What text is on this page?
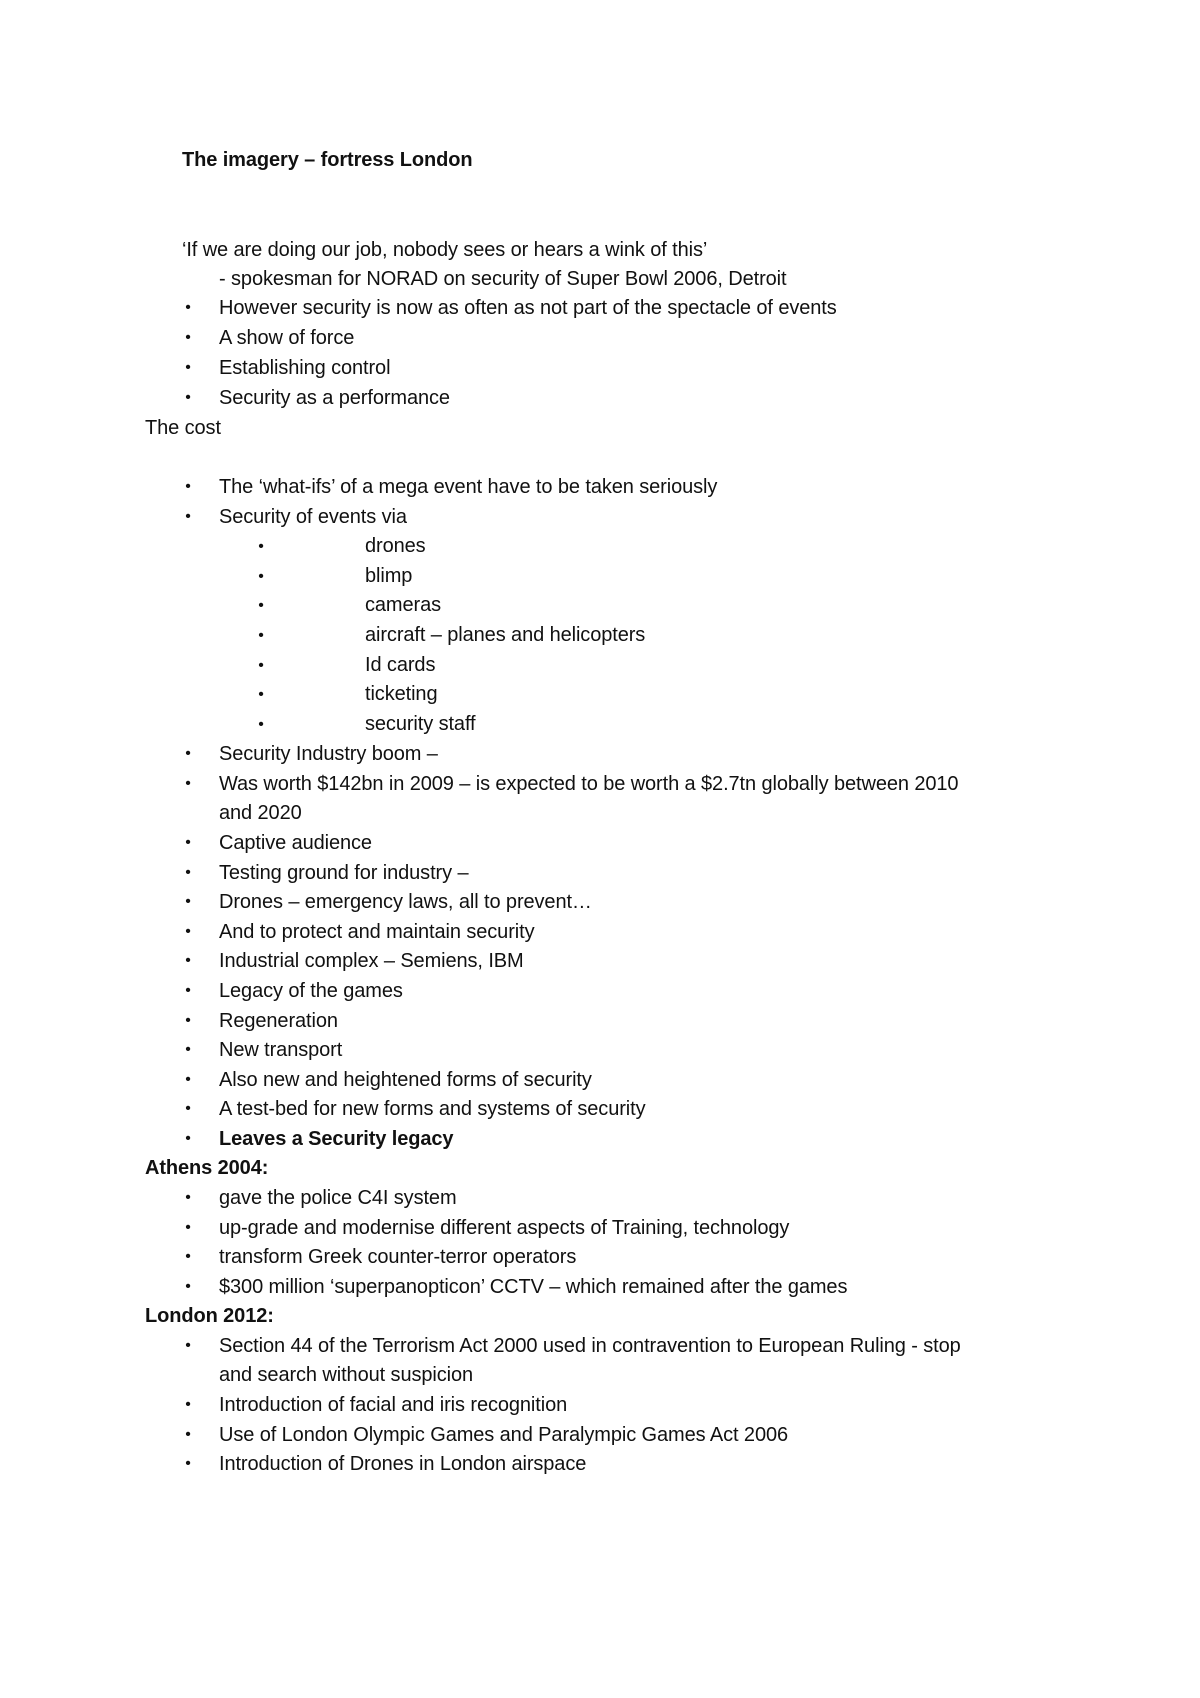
The imagery – fortress London
‘If we are doing our job, nobody sees or hears a wink of this’
- spokesman for NORAD on security of Super Bowl 2006, Detroit
•
However security is now as often as not part of the spectacle of events
•
A show of force
•
Establishing control
•
Security as a performance
The cost
•
The ‘what-ifs’ of a mega event have to be taken seriously
•
Security of events via
•
drones
•
blimp
•
cameras
•
aircraft – planes and helicopters
•
Id cards
•
ticketing
•
security staff
•
Security Industry boom –
•
Was worth $142bn in 2009 – is expected to be worth a $2.7tn globally between 2010
and 2020
•
Captive audience
•
Testing ground for industry –
•
Drones – emergency laws, all to prevent…
•
And to protect and maintain security
•
Industrial complex – Semiens, IBM
•
Legacy of the games
•
Regeneration
•
New transport
•
Also new and heightened forms of security
•
A test-bed for new forms and systems of security
•
Leaves a Security legacy
Athens 2004:
•
gave the police C4I system
•
up-grade and modernise different aspects of Training, technology
•
transform Greek counter-terror operators
•
$300 million ‘superpanopticon’ CCTV – which remained after the games
London 2012:
•
Section 44 of the Terrorism Act 2000 used in contravention to European Ruling - stop
and search without suspicion
•
Introduction of facial and iris recognition
•
Use of London Olympic Games and Paralympic Games Act 2006
•
Introduction of Drones in London airspace
